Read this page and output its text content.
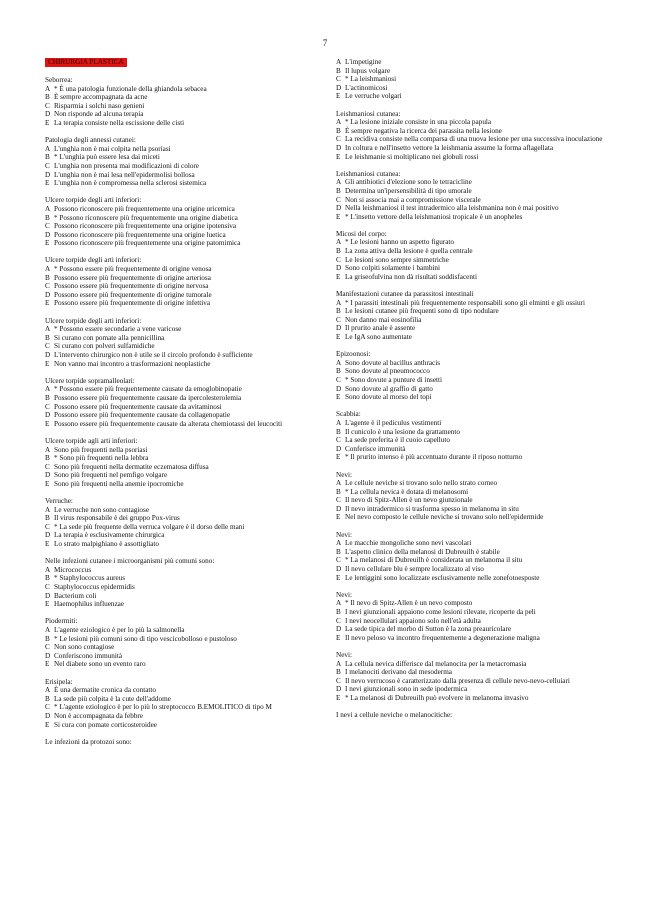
7
CHIRURGIA PLASTICA
Seborrea:
A * È una patologia funzionale della ghiandola sebacea
B È sempre accompagnata da acne
C Risparmia i solchi naso genieni
D Non risponde ad alcuna terapia
E La terapia consiste nella escissione delle cisti
Patologia degli annessi cutanei:
A L'unghia non è mai colpita nella psoriasi
B * L'unghia può essere lesa dai miceti
C L'unghia non presenta mai modificazioni di colore
D L'unghia non è mai lesa nell'epidermolisi bollosa
E L'unghia non è compromessa nella sclerosi sistemica
Ulcere torpide degli arti inferiori:
A Possono riconoscere più frequentemente una origine uricemica
B * Possono riconoscere più frequentemente una origine diabetica
C Possono riconoscere più frequentemente una origine ipotensiva
D Possono riconoscere più frequentemente una origine luetica
E Possono riconoscere più frequentemente una origine patomimica
Ulcere torpide degli arti inferiori:
A * Possono essere più frequentemente di origine venosa
B Possono essere più frequentemente di origine arteriosa
C Possono essere più frequentemente di origine nervosa
D Possono essere più frequentemente di origine tumorale
E Possono essere più frequentemente di origine infettiva
Ulcere torpide degli arti inferiori:
A * Possono essere secondarie a vene varicose
B Si curano con pomate alla pennicillina
C Si curano con polveri sulfamidiche
D L'intervento chirurgico non è utile se il circolo profondo è sufficiente
E Non vanno mai incontro a trasformazioni neoplastiche
Ulcere torpide sopramalleolari:
A * Possono essere più frequentemente causate da emoglobinopatie
B Possono essere più frequentemente causate da ipercolesterolemia
C Possono essere più frequentemente causate da avitaminosi
D Possono essere più frequentemente causate da collagenopatie
E Possono essere più frequentemente causate da alterata chemiotassi dei leucociti
Ulcere torpide agli arti inferiori:
A Sono più frequenti nella psoriasi
B * Sono più frequenti nella lebbra
C Sono più frequenti nella dermatite eczematosa diffusa
D Sono più frequenti nel pemfigo volgare
E Sono più frequenti nella anemie ipocromiche
Verruche:
A Le verruche non sono contagiose
B Il virus responsabile è dei gruppo Pox-virus
C * La sede più frequente della verruca volgare è il dorso delle mani
D La terapia è esclusivamente chirurgica
E Lo strato malpighiano è assottigliato
Nelle infezioni cutanee i microorganismi più comuni sono:
A Micrococcus
B * Staphylococcus aureus
C Staphylococcus epidermidis
D Bacterium coli
E Haemophilus influenzae
Piodermiti:
A L'agente eziologico è per lo più la salmonella
B * Le lesioni più comuni sono di tipo vescicobolloso e pustoloso
C Non sono contagiose
D Conferiscono immunità
E Nel diabete sono un evento raro
Erisipela:
A È una dermatite cronica da contatto
B La sede più colpita è la cute dell'addome
C * L'agente eziologico è per lo più lo streptococco B.EMOLITICO di tipo M
D Non è accompagnata da febbre
E Si cura con pomate corticosteroidee
Le infezioni da protozoi sono:
A L'impetigine
B Il lupus volgare
C * La leishmaniosi
D L'actinomicosi
E Le verruche volgari
Leishmaniosi cutanea:
A * La lesione iniziale consiste in una piccola papula
B È sempre negativa la ricerca dei parassita nella lesione
C La recidiva consiste nella comparsa di una nuova lesione per una successiva inoculazione
D In coltura e nell'insetto vettore la leishmania assume la forma aflagellata
E Le leishmanie si moltiplicano nei globuli rossi
Leishmaniosi cutanea:
A Gli antibiotici d'elezione sono le tetracicline
B Determina un'ipersensibilità di tipo umorale
C Non si associa mai a compromissione viscerale
D Nella leishmaniosi il test intradermico alla leishmanina non è mai positivo
E * L'insetto vettore della leishmaniosi tropicale è un anopheles
Micosi del corpo:
A * Le lesioni hanno un aspetto figurato
B La zona attiva della lesione è quella centrale
C Le lesioni sono sempre simmetriche
D Sono colpiti solamente i bambini
E La griseofulvina non dà risultati soddisfacenti
Manifestazioni cutanee da parassitosi intestinali
A * I parassiti intestinali più frequentemente responsabili sono gli elminti e gli ossiuri
B Le lesioni cutanee più frequenti sono di tipo nodulare
C Non danno mai eosinofilia
D Il prurito anale è assente
E Le IgA sono aumentate
Epizoonosi:
A Sono dovute al bacillus anthracis
B Sono dovute al pneumococco
C * Sono dovute a punture di insetti
D Sono dovute al graffio di gatto
E Sono dovute al morso del topi
Scabbia:
A L'agente è il pediculus vestimenti
B Il cunicolo è una lesione da grattamento
C La sede preferita è il cuoio capelluto
D Conferisce immunità
E * Il prurito intenso è più accentuato durante il riposo notturno
Nevi:
A Le cellule neviche si trovano solo nello strato corneo
B * La cellula nevica è dotata di melanosomi
C Il nevo di Spitz-Allen è un nevo giunzionale
D Il nevo intradermico si trasforma spesso in melanoma in situ
E Nel nevo composto le cellule neviche si trovano solo nell'epidermide
Nevi:
A Le macchie mongoliche sono nevi vascolari
B L'aspetto clinico della melanosi di Dubreuilh è stabile
C * La melanosi di Dubreuilh è considerata un melanoma il situ
D Il nevo cellulare blu è sempre localizzato al viso
E Le lentiggini sono localizzate esclusivamente nelle zonefotoesposte
Nevi:
A * Il nevo di Spitz-Allen è un nevo composto
B I nevi giunzionali appaiono come lesioni rilevate, ricoperte da peli
C I nevi neocellulari appaiono solo nell'età adulta
D La sede tipica del morbo di Sutton è la zona preauricolare
E Il nevo peloso va incontro frequentemente a degenerazione maligna
Nevi:
A La cellula nevica differisce dal melanocita per la metacromasia
B I melanociti derivano dal mesoderma
C Il nevo verrucoso è caratterizzato dalla presenza di cellule nevo-nevo-celluiari
D I nevi giunzionali sono in sede ipodermica
E * La melanosi di Dubreuilh può evolvere in melanoma invasivo
I nevi a cellule neviche o melanocitiche:
